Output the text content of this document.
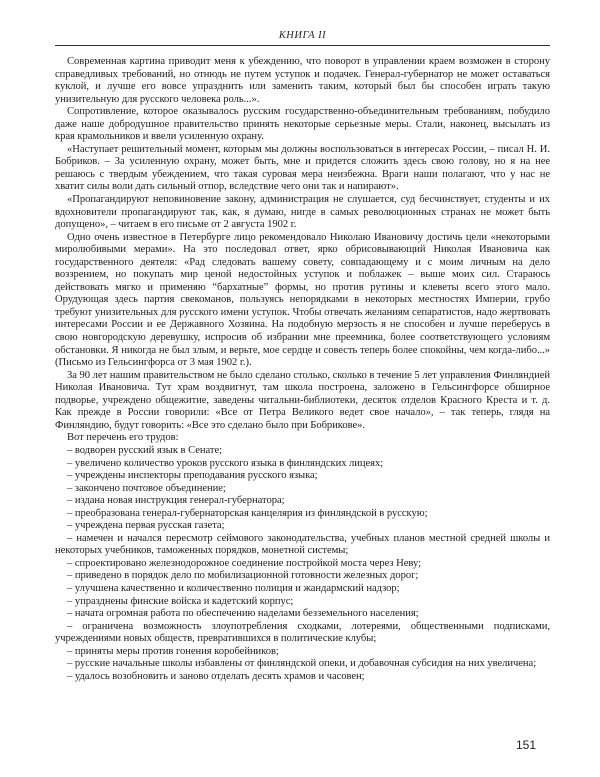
КНИГА II

Современная картина приводит меня к убеждению, что поворот в управлении краем возможен в сторону справедливых требований, но отнюдь не путем уступок и подачек. Генерал-губернатор не может оставаться куклой, и лучше его вовсе упразднить или заменить таким, который был бы способен играть такую унизительную для русского человека роль...».

Сопротивление, которое оказывалось русским государственно-объединительным требованиям, побудило даже наше добродушное правительство принять некоторые серьезные меры. Стали, наконец, высылать из края крамольников и ввели усиленную охрану.

«Наступает решительный момент, которым мы должны воспользоваться в интересах России, – писал Н. И. Бобриков. – За усиленную охрану, может быть, мне и придется сложить здесь свою голову, но я на нее решаюсь с твердым убеждением, что такая суровая мера неизбежна. Враги наши полагают, что у нас не хватит силы воли дать сильный отпор, вследствие чего они так и напирают».

«Пропагандируют неповиновение закону, администрация не слушается, суд бесчинствует, студенты и их вдохновители пропагандируют так, как, я думаю, нигде в самых революционных странах не может быть допущено», – читаем в его письме от 2 августа 1902 г.

Одно очень известное в Петербурге лицо рекомендовало Николаю Ивановичу достичь цели «некоторыми миролюбивыми мерами». На это последовал ответ, ярко обрисовывающий Николая Ивановича как государственного деятеля: «Рад следовать вашему совету, совпадающему и с моим личным на дело воззрением, но покупать мир ценой недостойных уступок и поблажек – выше моих сил. Стараюсь действовать мягко и применяю “бархатные” формы, но против рутины и клеветы всего этого мало. Орудующая здесь партия свекоманов, пользуясь непорядками в некоторых местностях Империи, грубо требуют унизительных для русского имени уступок. Чтобы отвечать желаниям сепаратистов, надо жертвовать интересами России и ее Державного Хозяина. На подобную мерзость я не способен и лучше переберусь в свою новгородскую деревушку, испросив об избрании мне преемника, более соответствующего условиям обстановки. Я никогда не был злым, и верьте, мое сердце и совесть теперь более спокойны, чем когда-либо...» (Письмо из Гельсингфорса от 3 мая 1902 г.).

За 90 лет нашим правительством не было сделано столько, сколько в течение 5 лет управления Финляндией Николая Ивановича. Тут храм воздвигнут, там школа построена, заложено в Гельсингфорсе обширное подворье, учреждено общежитие, заведены читальни-библиотеки, десяток отделов Красного Креста и т. д. Как прежде в России говорили: «Все от Петра Великого ведет свое начало», – так теперь, глядя на Финляндию, будут говорить: «Все это сделано было при Бобрикове».

Вот перечень его трудов:

– водворен русский язык в Сенате;

– увеличено количество уроков русского языка в финляндских лицеях;

– учреждены инспекторы преподавания русского языка;

– закончено почтовое объединение;

– издана новая инструкция генерал-губернатора;

– преобразована генерал-губернаторская канцелярия из финляндской в русскую;

– учреждена первая русская газета;

– намечен и начался пересмотр сеймового законодательства, учебных планов местной средней школы и некоторых учебников, таможенных порядков, монетной системы;

– спроектировано железнодорожное соединение постройкой моста через Неву;

– приведено в порядок дело по мобилизационной готовности железных дорог;

– улучшена качественно и количественно полиция и жандармский надзор;

– упразднены финские войска и кадетский корпус;

– начата огромная работа по обеспечению наделами безземельного населения;

– ограничена возможность злоупотребления сходками, лотереями, общественными подписками, учреждениями новых обществ, превратившихся в политические клубы;

– приняты меры против гонения коробейников;

– русские начальные школы избавлены от финляндской опеки, и добавочная субсидия на них увеличена;

– удалось возобновить и заново отделать десять храмов и часовен;

151
